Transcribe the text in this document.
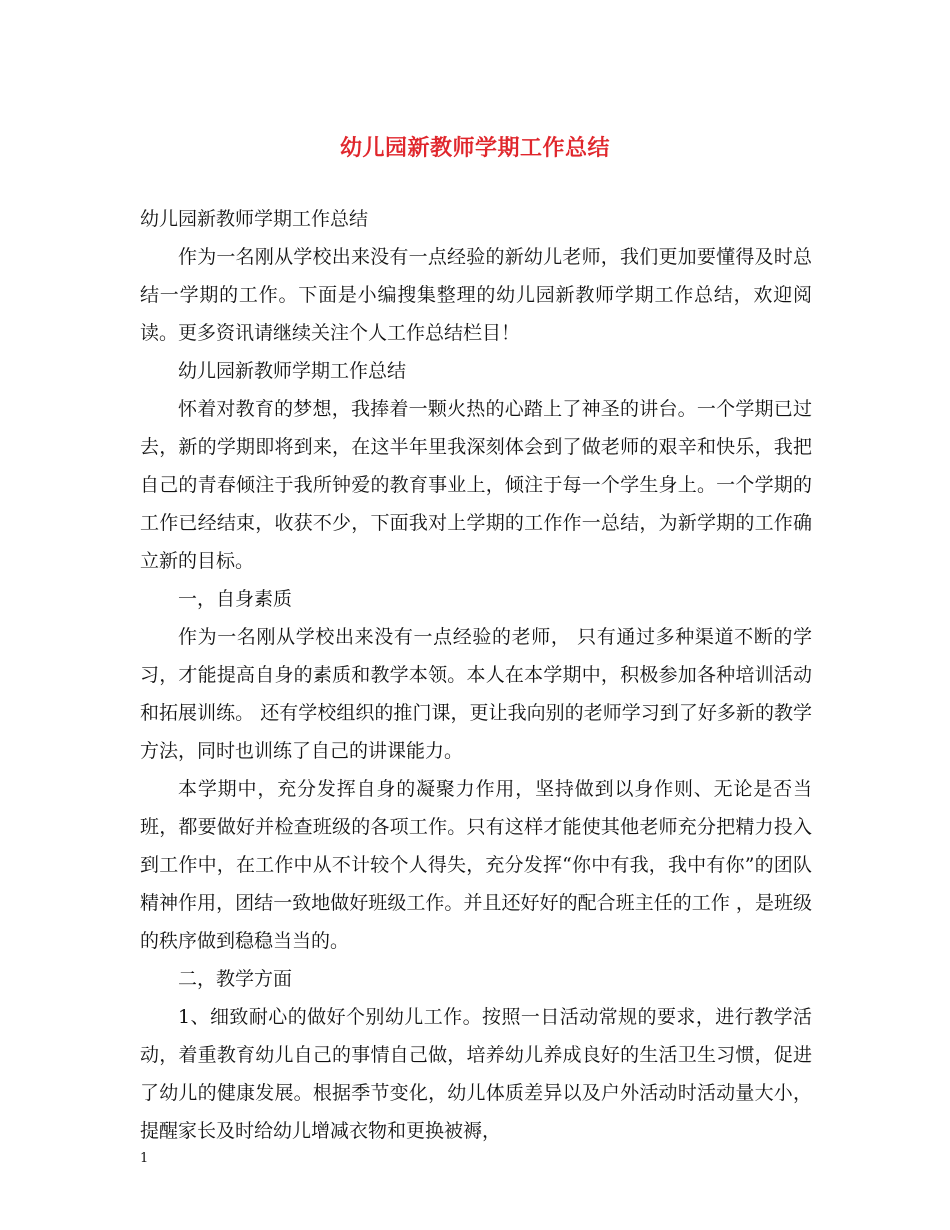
幼儿园新教师学期工作总结

幼儿园新教师学期工作总结

作为一名刚从学校出来没有一点经验的新幼儿老师，我们更加要懂得及时总结一学期的工作。下面是小编搜集整理的幼儿园新教师学期工作总结，欢迎阅读。更多资讯请继续关注个人工作总结栏目！

幼儿园新教师学期工作总结

怀着对教育的梦想，我捧着一颗火热的心踏上了神圣的讲台。一个学期已过去，新的学期即将到来，在这半年里我深刻体会到了做老师的艰辛和快乐，我把自己的青春倾注于我所钟爱的教育事业上，倾注于每一个学生身上。一个学期的工作已经结束，收获不少，下面我对上学期的工作作一总结，为新学期的工作确立新的目标。

一，自身素质

作为一名刚从学校出来没有一点经验的老师， 只有通过多种渠道不断的学习，才能提高自身的素质和教学本领。本人在本学期中，积极参加各种培训活动和拓展训练。 还有学校组织的推门课，更让我向别的老师学习到了好多新的教学方法，同时也训练了自己的讲课能力。

本学期中，充分发挥自身的凝聚力作用，坚持做到以身作则、无论是否当班，都要做好并检查班级的各项工作。只有这样才能使其他老师充分把精力投入到工作中，在工作中从不计较个人得失，充分发挥“你中有我，我中有你”的团队精神作用，团结一致地做好班级工作。并且还好好的配合班主任的工作 ，是班级的秩序做到稳稳当当的。

二，教学方面

1、细致耐心的做好个别幼儿工作。按照一日活动常规的要求，进行教学活动，着重教育幼儿自己的事情自己做，培养幼儿养成良好的生活卫生习惯，促进了幼儿的健康发展。根据季节变化，幼儿体质差异以及户外活动时活动量大小，提醒家长及时给幼儿增减衣物和更换被褥，

1
